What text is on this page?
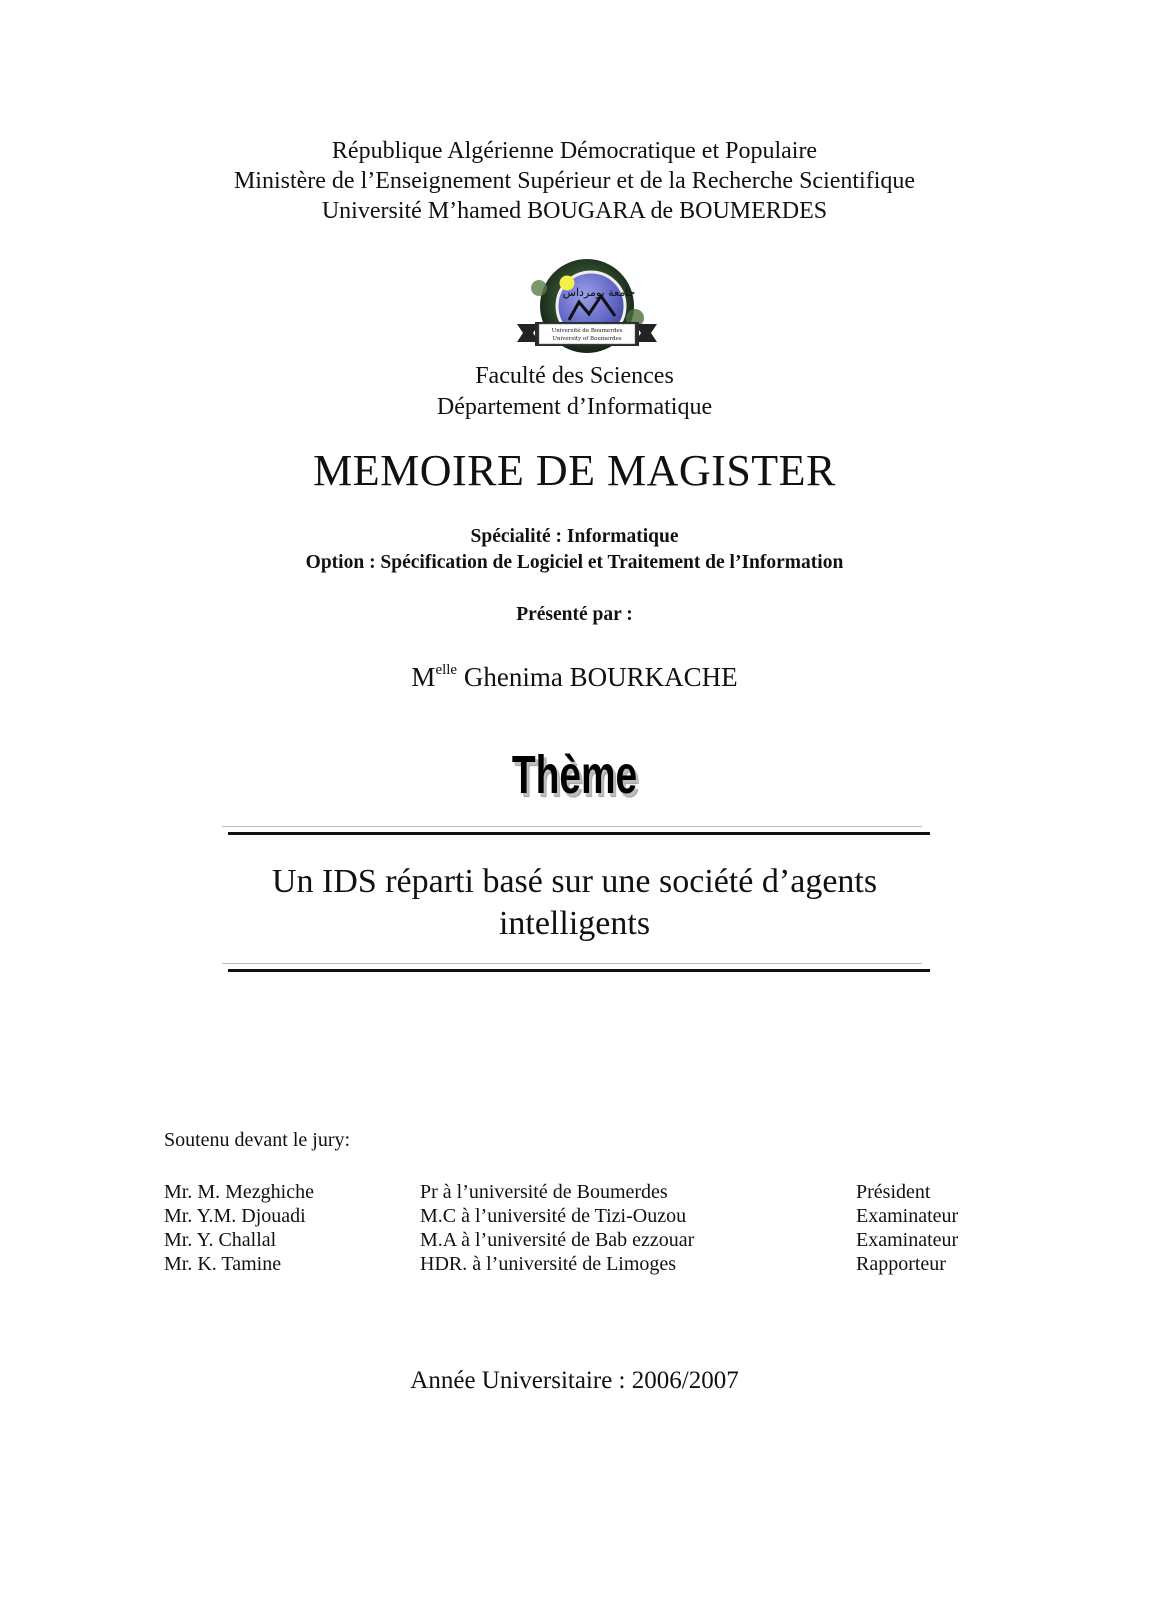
République Algérienne Démocratique et Populaire
Ministère de l’Enseignement Supérieur et de la Recherche Scientifique
Université M’hamed BOUGARA de BOUMERDES
جامعة بومرداس
Université de Boumerdes
University of Boumerdes
Faculté des Sciences
Département d’Informatique
MEMOIRE DE MAGISTER
Spécialité : Informatique
Option : Spécification de Logiciel et Traitement de l’Information
Présenté par :
$M^{elle}$ Ghenima BOURKACHE
Thème
Un IDS réparti basé sur une société d’agents
intelligents
Soutenu devant le jury:
Mr. M. Mezghiche	Pr à l’université de Boumerdes	Président
Mr. Y.M. Djouadi	M.C à l’université de Tizi-Ouzou	Examinateur
Mr. Y. Challal	M.A à l’université de Bab ezzouar	Examinateur
Mr. K. Tamine	HDR. à l’université de Limoges	Rapporteur
Année Universitaire : 2006/2007
